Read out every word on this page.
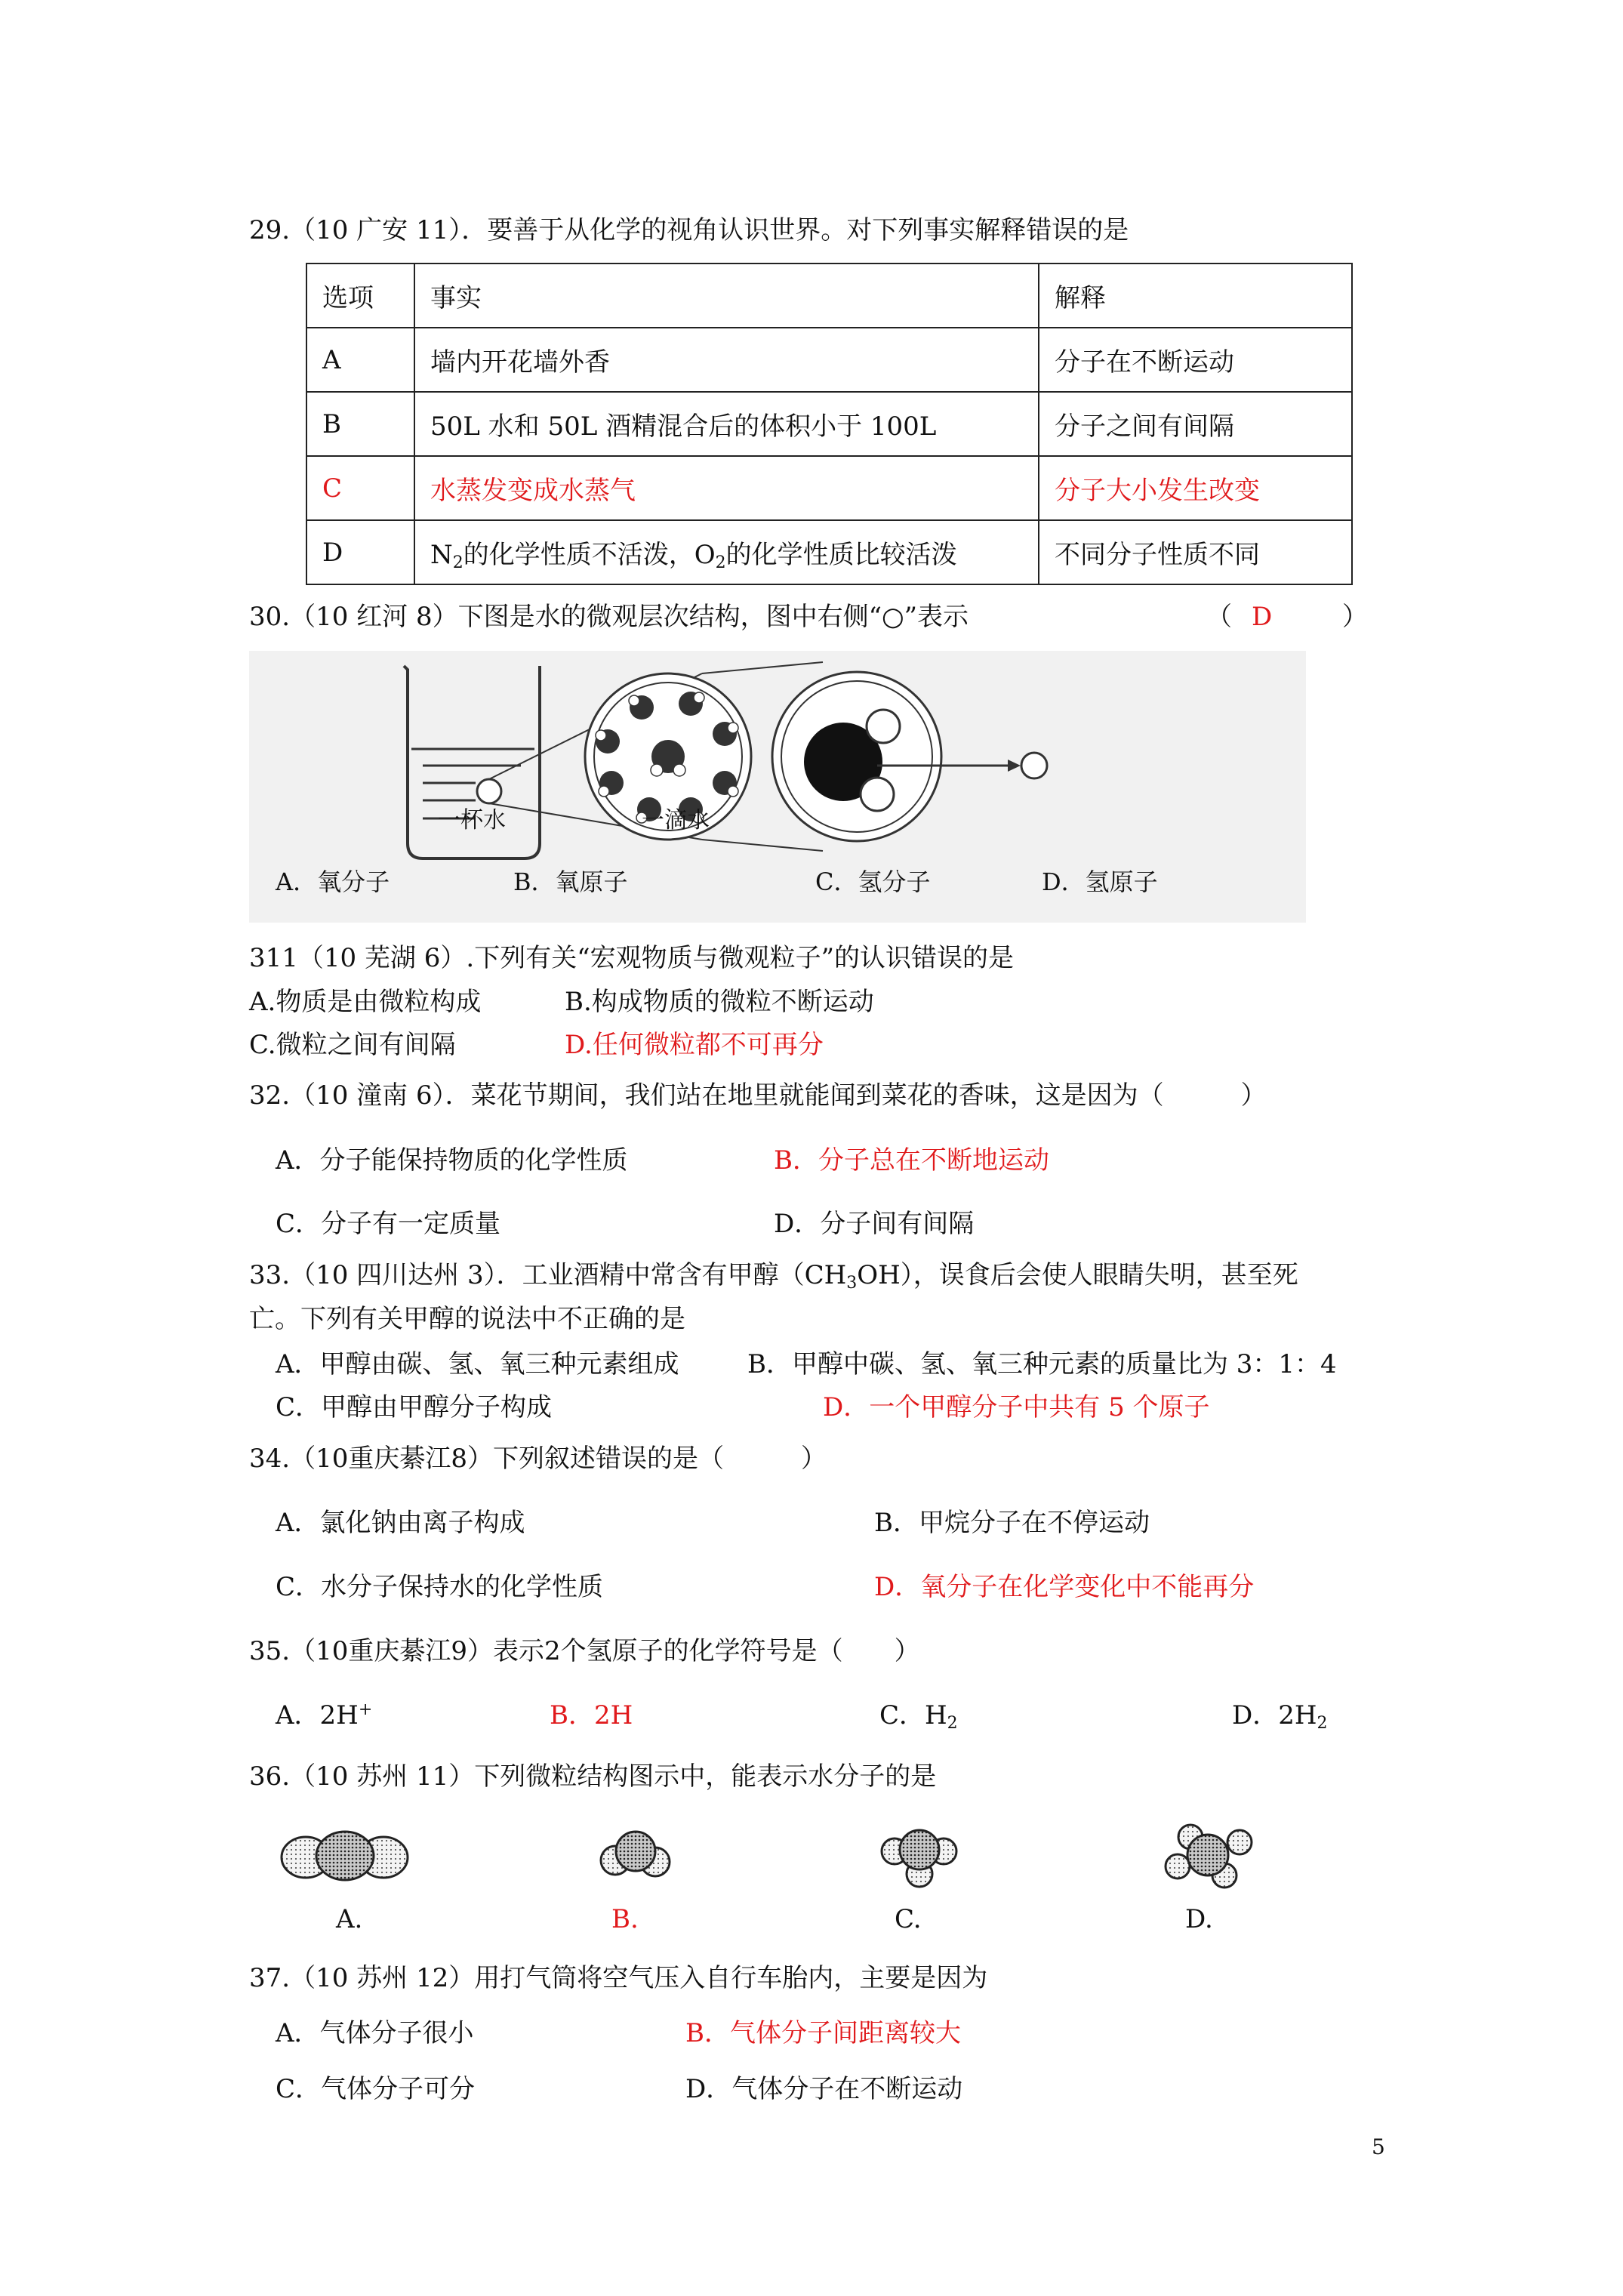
29.（10 广安 11）．要善于从化学的视角认识世界。对下列事实解释错误的是
选项	事实	解释
A	墙内开花墙外香	分子在不断运动
B	50L 水和 50L 酒精混合后的体积小于 100L	分子之间有间隔
C	水蒸发变成水蒸气	分子大小发生改变
D	$N_2$的化学性质不活泼，$O_2$的化学性质比较活泼	不同分子性质不同
30.（10 红河 8）下图是水的微观层次结构，图中右侧“○”表示	（ D	）
一杯水	一滴水
A．氧分子	B．氧原子	C．氢分子	D．氢原子
311（10 芜湖 6）.下列有关“宏观物质与微观粒子”的认识错误的是
A.物质是由微粒构成	B.构成物质的微粒不断运动
C.微粒之间有间隔	D.任何微粒都不可再分
32.（10 潼南 6）．菜花节期间，我们站在地里就能闻到菜花的香味，这是因为（　　　）
A．分子能保持物质的化学性质	B．分子总在不断地运动
C．分子有一定质量	D．分子间有间隔
33.（10 四川达州 3）．工业酒精中常含有甲醇$(CH_3OH)$，误食后会使人眼睛失明，甚至死
亡。下列有关甲醇的说法中不正确的是
A．甲醇由碳、氢、氧三种元素组成	B．甲醇中碳、氢、氧三种元素的质量比为 3：1：4
C．甲醇由甲醇分子构成	D．一个甲醇分子中共有 5 个原子
34.（10重庆綦江8）下列叙述错误的是（　　　）
A．氯化钠由离子构成	B．甲烷分子在不停运动
C．水分子保持水的化学性质	D．氧分子在化学变化中不能再分
35.（10重庆綦江9）表示2个氢原子的化学符号是（　　）
A．2H+	B．2H	C．$H_2$	D．$2H_2$
36.（10 苏州 11）下列微粒结构图示中，能表示水分子的是
A.	B.	C.	D.
37.（10 苏州 12）用打气筒将空气压入自行车胎内，主要是因为
A．气体分子很小	B．气体分子间距离较大
C．气体分子可分	D．气体分子在不断运动
5
